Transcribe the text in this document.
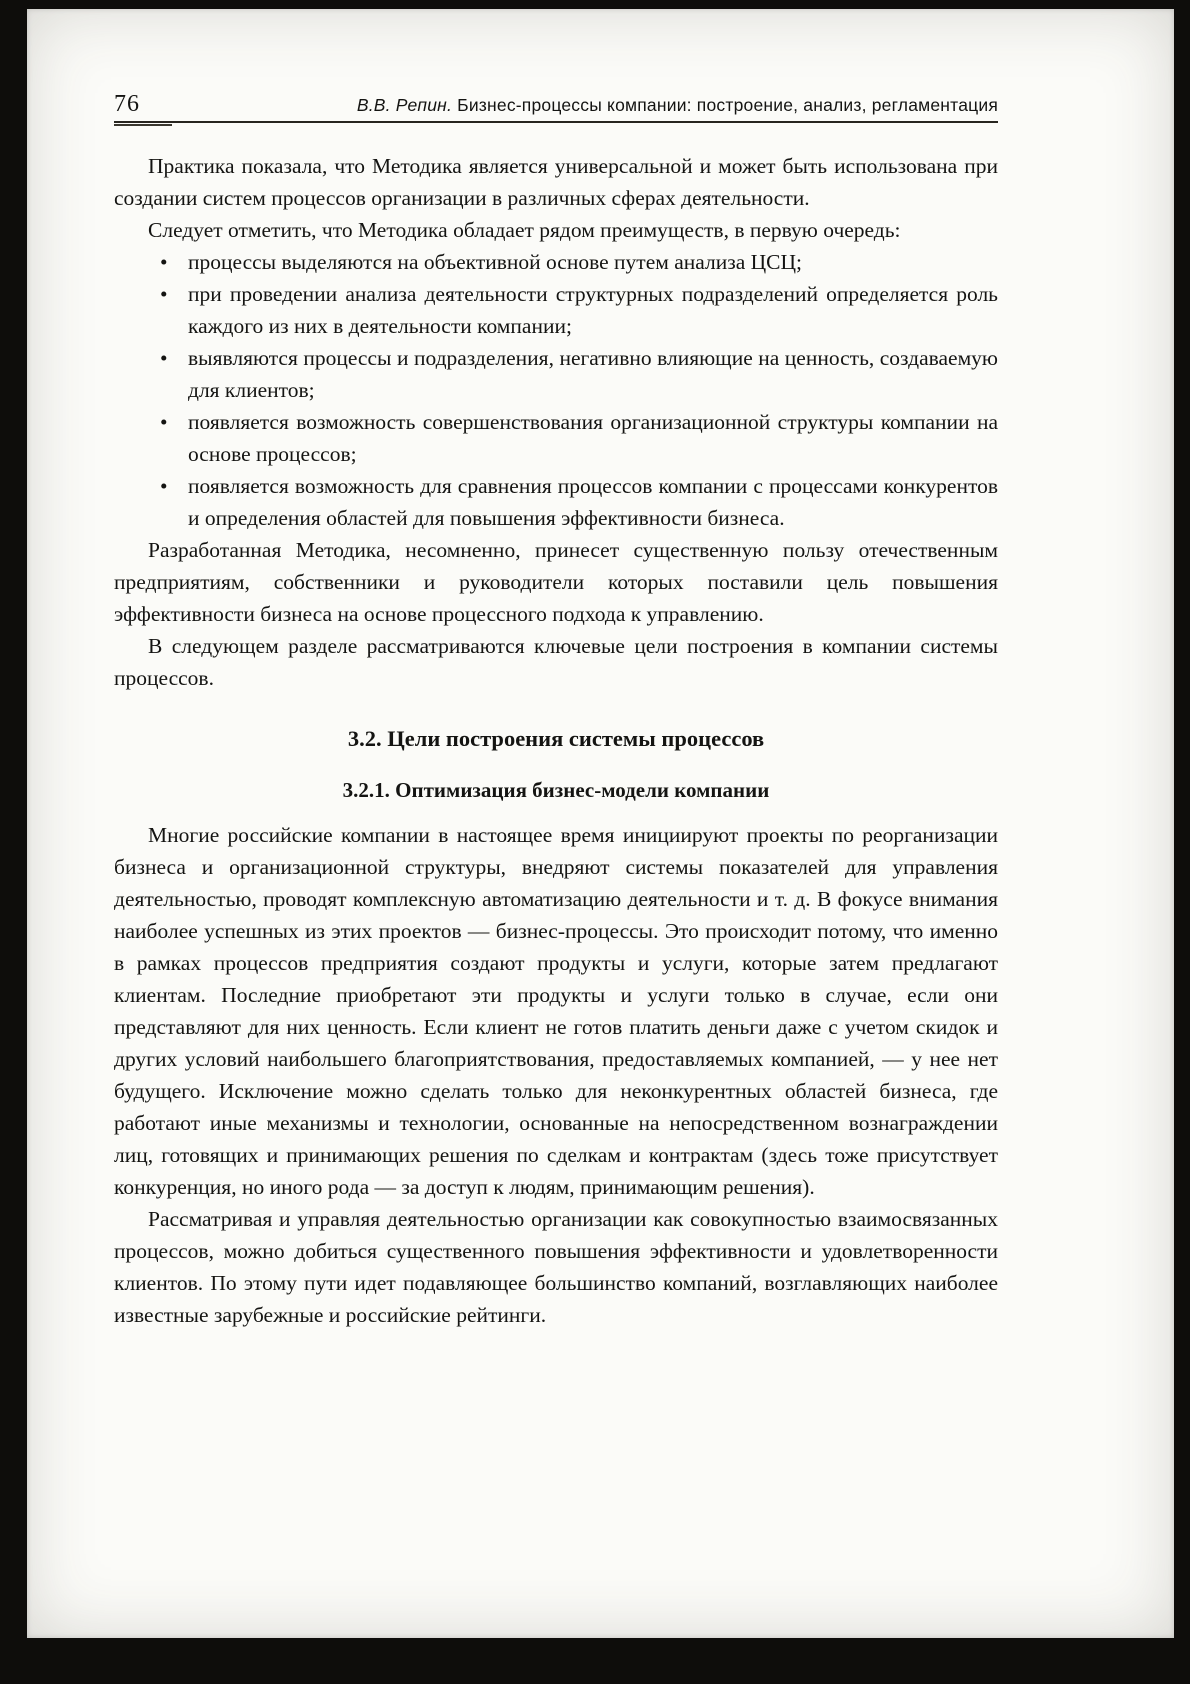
76	В.В. Репин. Бизнес-процессы компании: построение, анализ, регламентация

Практика показала, что Методика является универсальной и может быть использована при создании систем процессов организации в различных сферах деятельности.

Следует отметить, что Методика обладает рядом преимуществ, в первую очередь:

• процессы выделяются на объективной основе путем анализа ЦСЦ;
• при проведении анализа деятельности структурных подразделений определяется роль каждого из них в деятельности компании;
• выявляются процессы и подразделения, негативно влияющие на ценность, создаваемую для клиентов;
• появляется возможность совершенствования организационной структуры компании на основе процессов;
• появляется возможность для сравнения процессов компании с процессами конкурентов и определения областей для повышения эффективности бизнеса.

Разработанная Методика, несомненно, принесет существенную пользу отечественным предприятиям, собственники и руководители которых поставили цель повышения эффективности бизнеса на основе процессного подхода к управлению.

В следующем разделе рассматриваются ключевые цели построения в компании системы процессов.

3.2. Цели построения системы процессов
3.2.1. Оптимизация бизнес-модели компании

Многие российские компании в настоящее время инициируют проекты по реорганизации бизнеса и организационной структуры, внедряют системы показателей для управления деятельностью, проводят комплексную автоматизацию деятельности и т. д. В фокусе внимания наиболее успешных из этих проектов — бизнес-процессы. Это происходит потому, что именно в рамках процессов предприятия создают продукты и услуги, которые затем предлагают клиентам. Последние приобретают эти продукты и услуги только в случае, если они представляют для них ценность. Если клиент не готов платить деньги даже с учетом скидок и других условий наибольшего благоприятствования, предоставляемых компанией, — у нее нет будущего. Исключение можно сделать только для неконкурентных областей бизнеса, где работают иные механизмы и технологии, основанные на непосредственном вознаграждении лиц, готовящих и принимающих решения по сделкам и контрактам (здесь тоже присутствует конкуренция, но иного рода — за доступ к людям, принимающим решения).

Рассматривая и управляя деятельностью организации как совокупностью взаимосвязанных процессов, можно добиться существенного повышения эффективности и удовлетворенности клиентов. По этому пути идет подавляющее большинство компаний, возглавляющих наиболее известные зарубежные и российские рейтинги.
